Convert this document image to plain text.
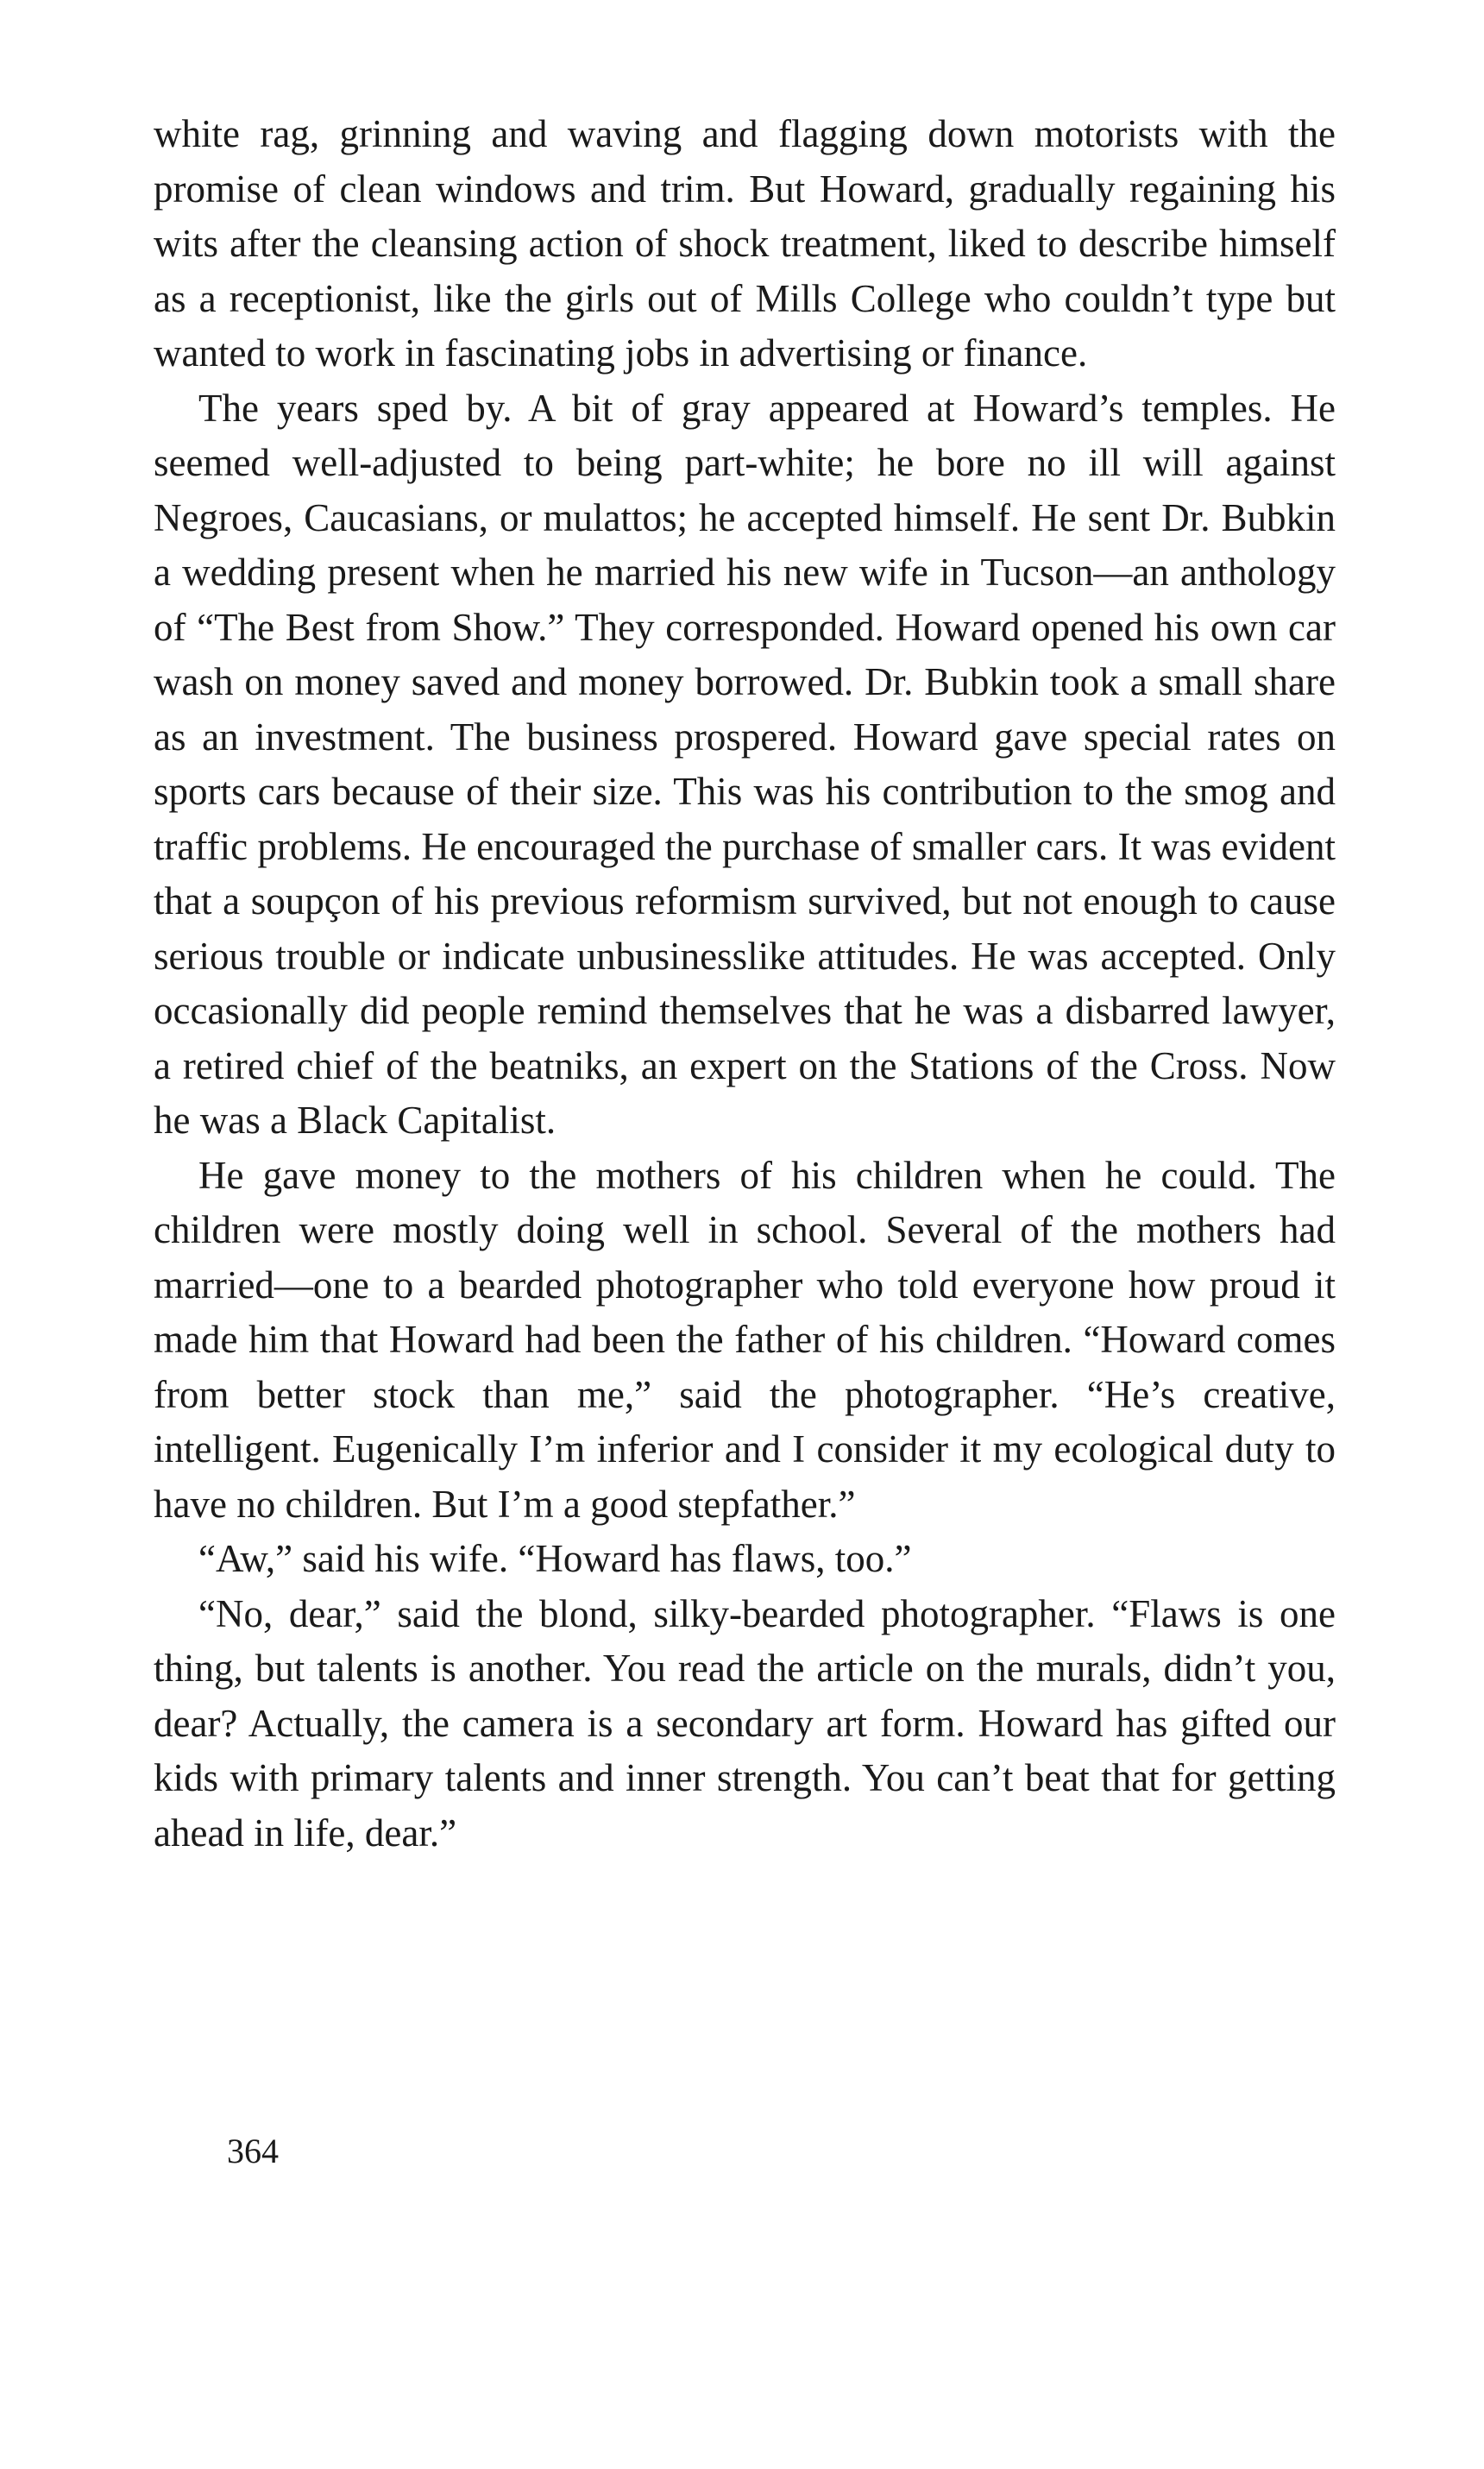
white rag, grinning and waving and flagging down motorists with the promise of clean windows and trim. But Howard, gradually regaining his wits after the cleansing action of shock treatment, liked to describe himself as a receptionist, like the girls out of Mills College who couldn’t type but wanted to work in fascinating jobs in advertising or finance.

The years sped by. A bit of gray appeared at Howard’s temples. He seemed well-adjusted to being part-white; he bore no ill will against Negroes, Caucasians, or mulattos; he accepted himself. He sent Dr. Bubkin a wedding present when he married his new wife in Tucson—an anthology of “The Best from Show.” They corresponded. Howard opened his own car wash on money saved and money borrowed. Dr. Bubkin took a small share as an investment. The business prospered. Howard gave special rates on sports cars because of their size. This was his contribution to the smog and traffic problems. He encouraged the purchase of smaller cars. It was evident that a soupçon of his previous reformism survived, but not enough to cause serious trouble or indicate unbusinesslike attitudes. He was accepted. Only occasionally did people remind themselves that he was a disbarred lawyer, a retired chief of the beatniks, an expert on the Stations of the Cross. Now he was a Black Capitalist.

He gave money to the mothers of his children when he could. The children were mostly doing well in school. Several of the mothers had married—one to a bearded photographer who told everyone how proud it made him that Howard had been the father of his children. “Howard comes from better stock than me,” said the photographer. “He’s creative, intelligent. Eugenically I’m inferior and I consider it my ecological duty to have no children. But I’m a good stepfather.”

“Aw,” said his wife. “Howard has flaws, too.”

“No, dear,” said the blond, silky-bearded photographer. “Flaws is one thing, but talents is another. You read the article on the murals, didn’t you, dear? Actually, the camera is a secondary art form. Howard has gifted our kids with primary talents and inner strength. You can’t beat that for getting ahead in life, dear.”

364
